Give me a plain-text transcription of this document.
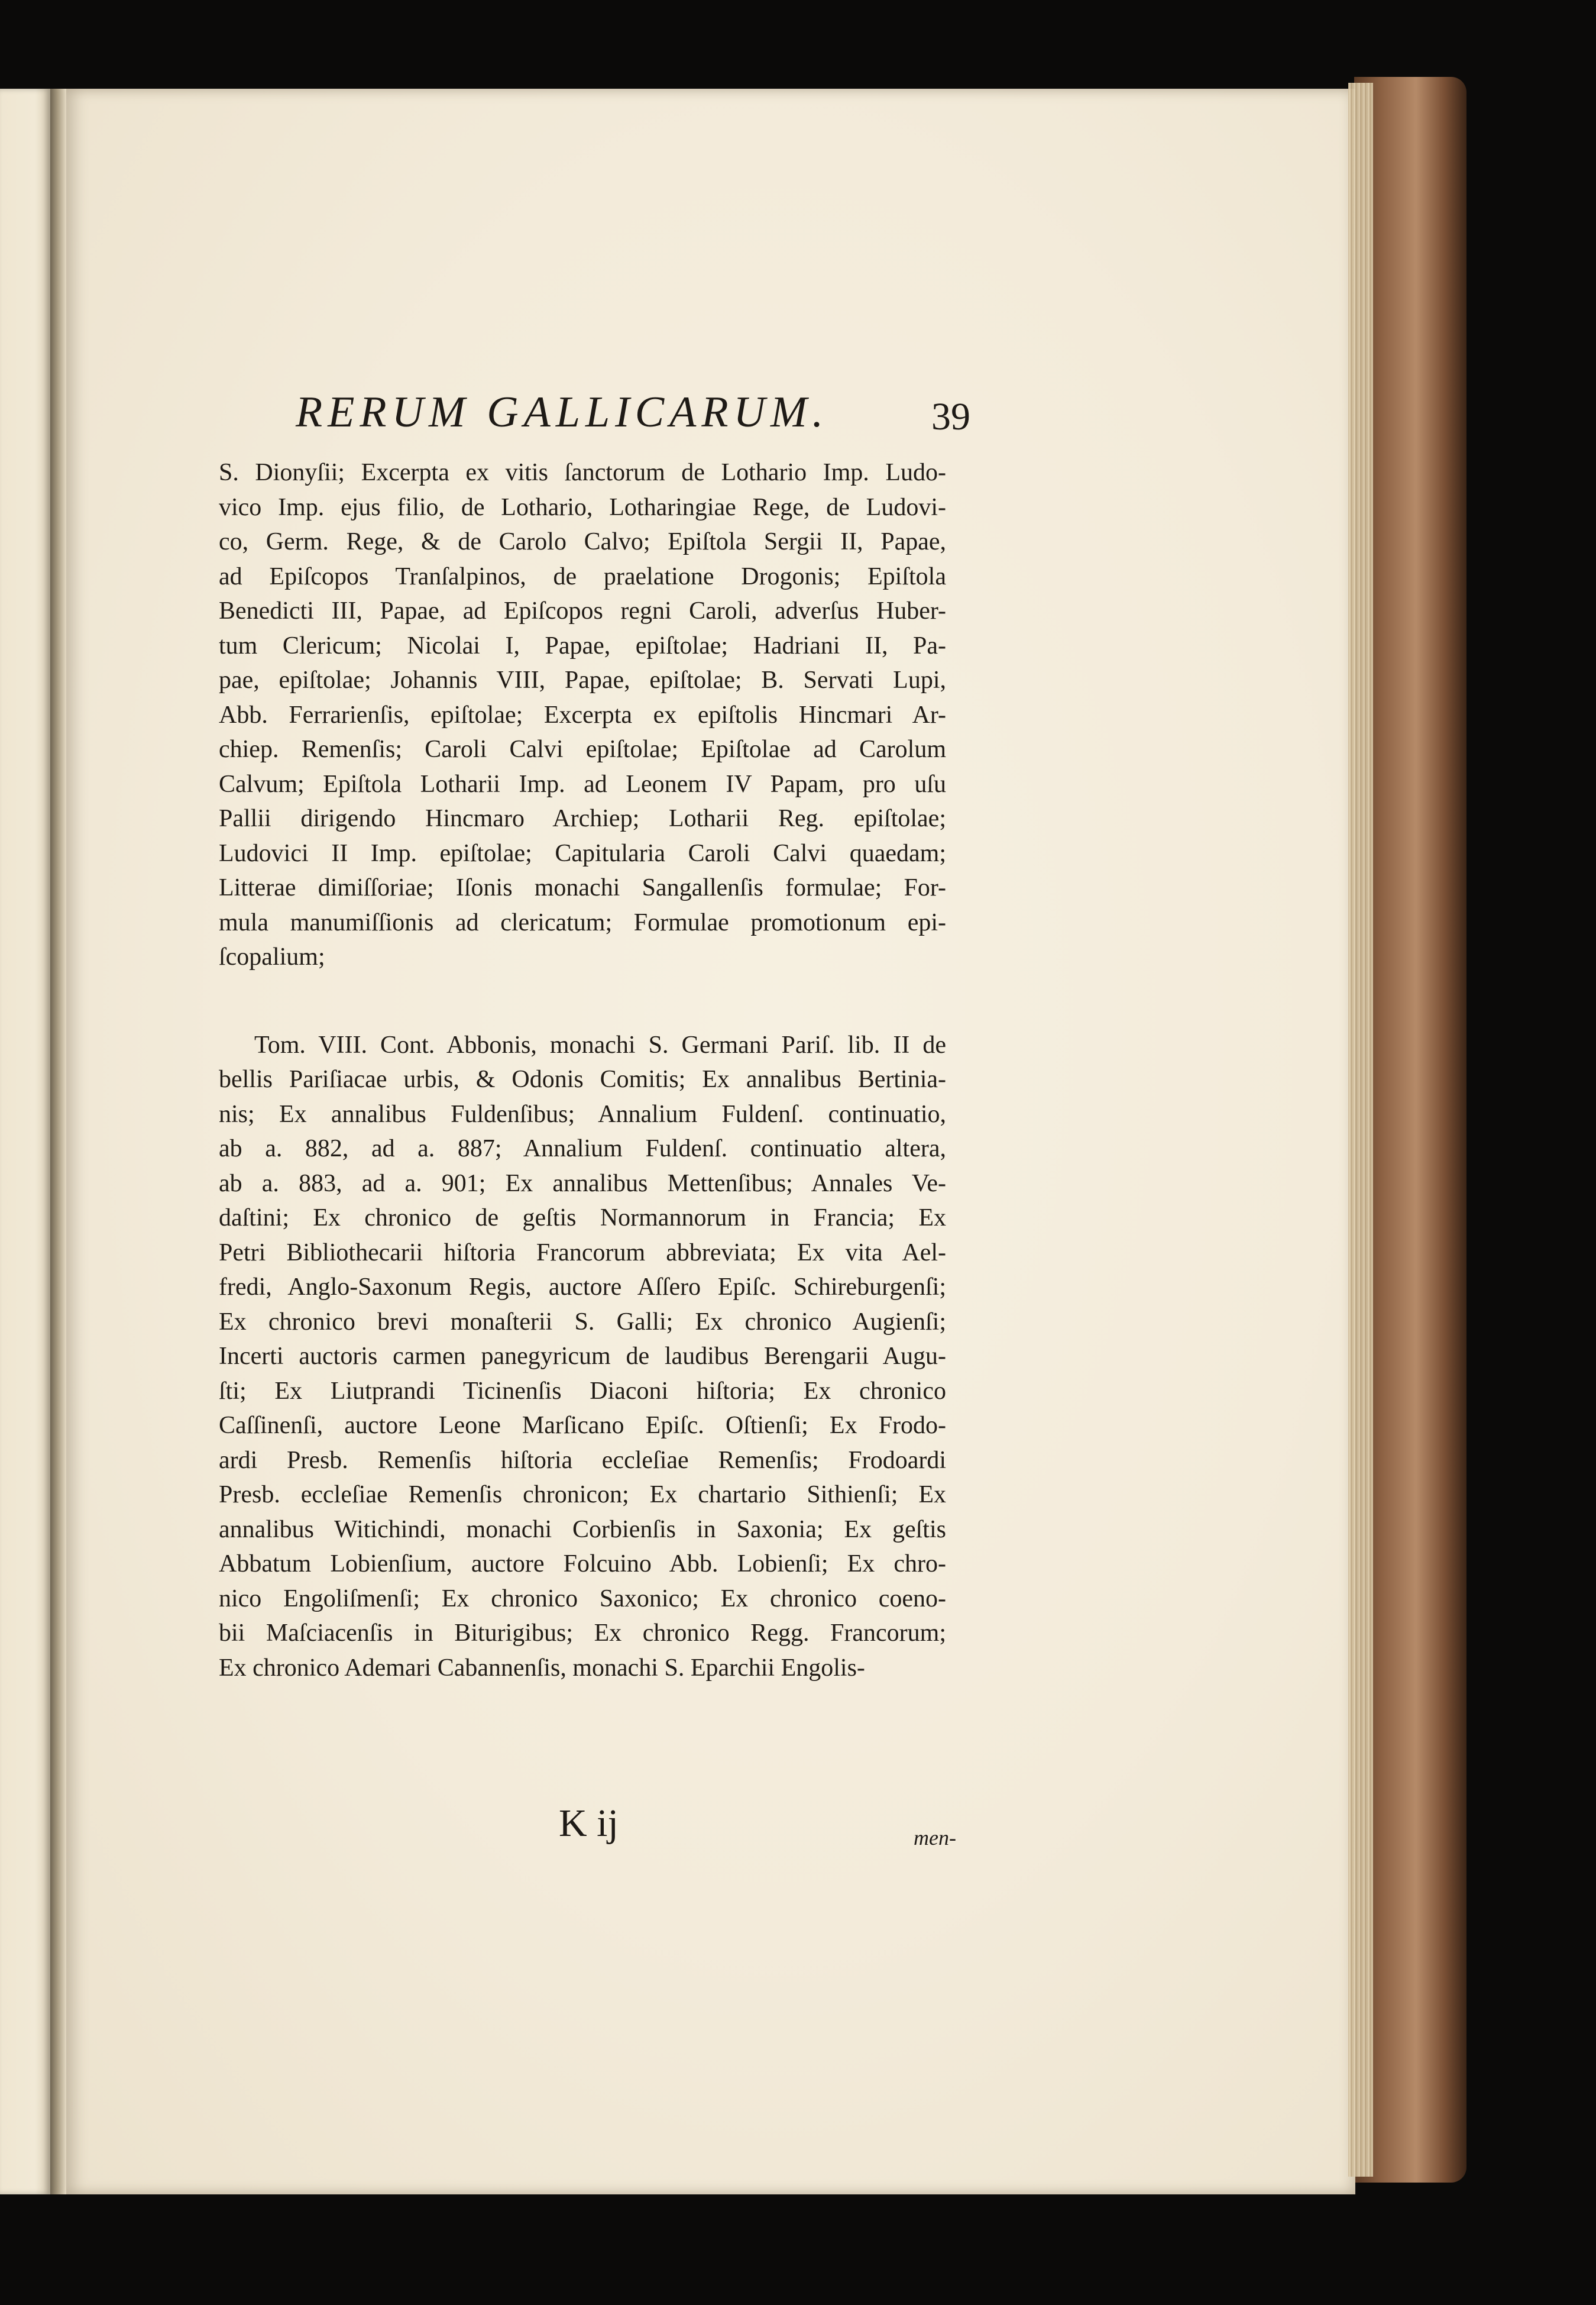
RERUM GALLICARUM.	39
S. Dionyſii; Excerpta ex vitis ſanctorum de Lothario Imp. Ludo-
vico Imp. ejus filio, de Lothario, Lotharingiae Rege, de Ludovi-
co, Germ. Rege, & de Carolo Calvo; Epiſtola Sergii II, Papae,
ad Epiſcopos Tranſalpinos, de praelatione Drogonis; Epiſtola
Benedicti III, Papae, ad Epiſcopos regni Caroli, adverſus Huber-
tum Clericum; Nicolai I, Papae, epiſtolae; Hadriani II, Pa-
pae, epiſtolae; Johannis VIII, Papae, epiſtolae; B. Servati Lupi,
Abb. Ferrarienſis, epiſtolae; Excerpta ex epiſtolis Hincmari Ar-
chiep. Remenſis; Caroli Calvi epiſtolae; Epiſtolae ad Carolum
Calvum; Epiſtola Lotharii Imp. ad Leonem IV Papam, pro uſu
Pallii dirigendo Hincmaro Archiep; Lotharii Reg. epiſtolae;
Ludovici II Imp. epiſtolae; Capitularia Caroli Calvi quaedam;
Litterae dimiſſoriae; Iſonis monachi Sangallenſis formulae; For-
mula manumiſſionis ad clericatum; Formulae promotionum epi-
ſcopalium;
Tom. VIII. Cont. Abbonis, monachi S. Germani Pariſ. lib. II de
bellis Pariſiacae urbis, & Odonis Comitis; Ex annalibus Bertinia-
nis; Ex annalibus Fuldenſibus; Annalium Fuldenſ. continuatio,
ab a. 882, ad a. 887; Annalium Fuldenſ. continuatio altera,
ab a. 883, ad a. 901; Ex annalibus Mettenſibus; Annales Ve-
daſtini; Ex chronico de geſtis Normannorum in Francia; Ex
Petri Bibliothecarii hiſtoria Francorum abbreviata; Ex vita Ael-
fredi, Anglo-Saxonum Regis, auctore Aſſero Epiſc. Schireburgenſi;
Ex chronico brevi monaſterii S. Galli; Ex chronico Augienſi;
Incerti auctoris carmen panegyricum de laudibus Berengarii Augu-
ſti; Ex Liutprandi Ticinenſis Diaconi hiſtoria; Ex chronico
Caſſinenſi, auctore Leone Marſicano Epiſc. Oſtienſi; Ex Frodo-
ardi Presb. Remenſis hiſtoria eccleſiae Remenſis; Frodoardi
Presb. eccleſiae Remenſis chronicon; Ex chartario Sithienſi; Ex
annalibus Witichindi, monachi Corbienſis in Saxonia; Ex geſtis
Abbatum Lobienſium, auctore Folcuino Abb. Lobienſi; Ex chro-
nico Engoliſmenſi; Ex chronico Saxonico; Ex chronico coeno-
bii Maſciacenſis in Biturigibus; Ex chronico Regg. Francorum;
Ex chronico Ademari Cabannenſis, monachi S. Eparchii Engolis-
K ij	men-
